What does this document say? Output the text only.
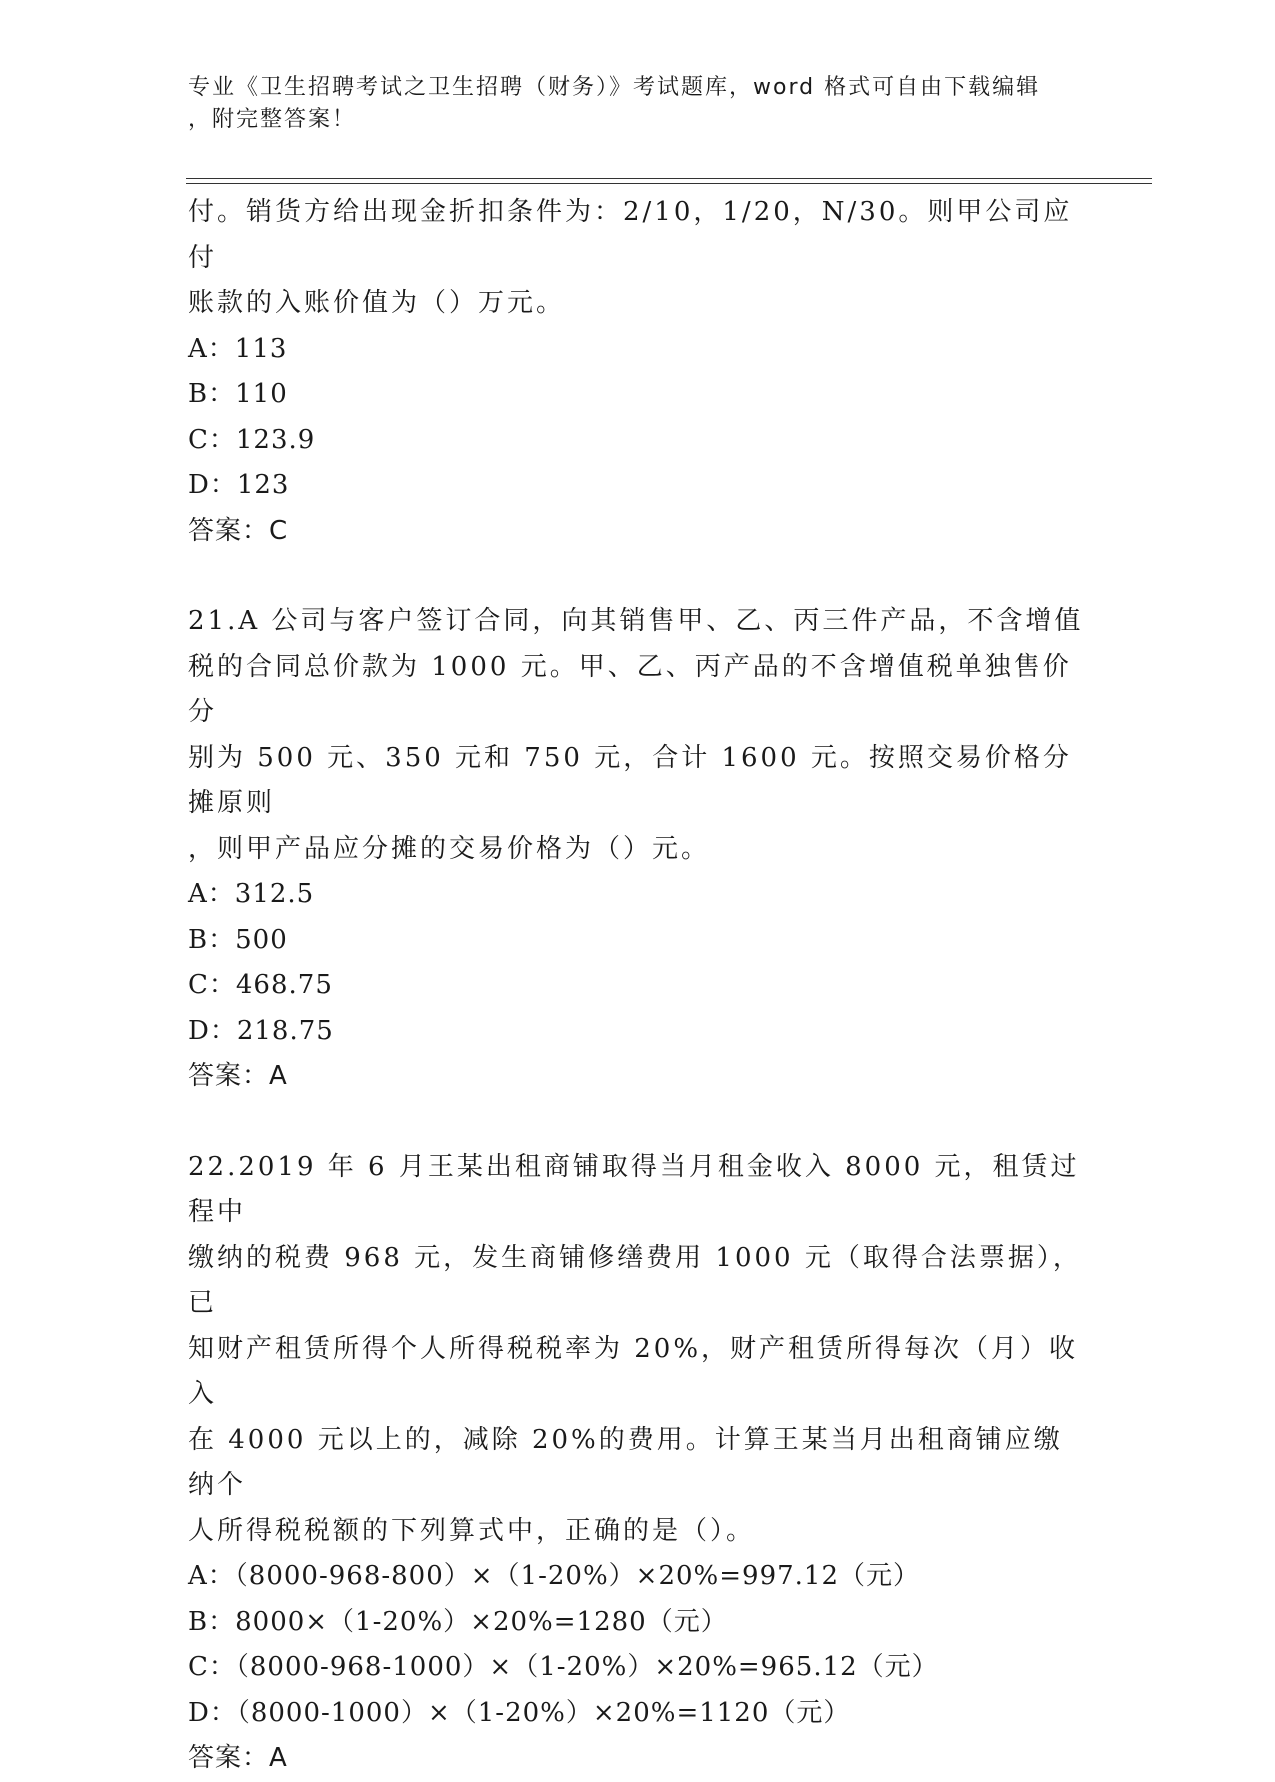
专业《卫生招聘考试之卫生招聘（财务）》考试题库，word 格式可自由下载编辑
，附完整答案！

付。销货方给出现金折扣条件为：2/10，1/20，N/30。则甲公司应付

账款的入账价值为（）万元。

A：113

B：110

C：123.9

D：123

答案：C

21.A 公司与客户签订合同，向其销售甲、乙、丙三件产品，不含增值

税的合同总价款为 1000 元。甲、乙、丙产品的不含增值税单独售价分

别为 500 元、350 元和 750 元，合计 1600 元。按照交易价格分摊原则

，则甲产品应分摊的交易价格为（）元。

A：312.5

B：500

C：468.75

D：218.75

答案：A

22.2019 年 6 月王某出租商铺取得当月租金收入 8000 元，租赁过程中

缴纳的税费 968 元，发生商铺修缮费用 1000 元（取得合法票据），已

知财产租赁所得个人所得税税率为 20%，财产租赁所得每次（月）收入

在 4000 元以上的，减除 20%的费用。计算王某当月出租商铺应缴纳个

人所得税税额的下列算式中，正确的是（）。

A：（8000-968-800）×（1-20%）×20%=997.12（元）

B：8000×（1-20%）×20%=1280（元）

C：（8000-968-1000）×（1-20%）×20%=965.12（元）

D：（8000-1000）×（1-20%）×20%=1120（元）

答案：A
